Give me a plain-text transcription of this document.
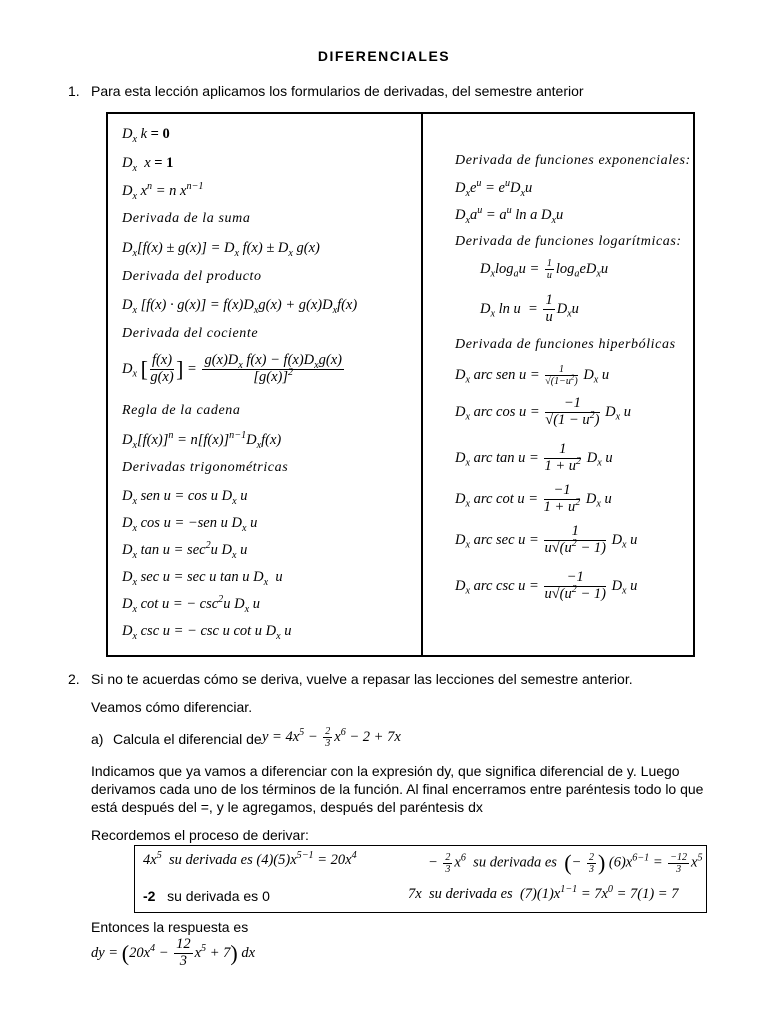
DIFERENCIALES
1. Para esta lección aplicamos los formularios de derivadas, del semestre anterior
$D_x$ k = 0
$D_x$  x = 1
$D_x$ $x^n = n$ $x^{n-1}$
Derivada de la suma
$D_x[f(x) \pm g(x)] = D_x$ $f(x) \pm D_x$ g(x)
Derivada del producto
$D_x$ $[f(x) \cdot g(x)] = f(x)D_xg(x) + g(x)D_xf(x)$
Derivada del cociente
$D_x$ [ $\frac{f(x)}{g(x)}$ ] = $\frac{g(x)D_x f(x) - f(x)D_xg(x)}{[g(x)]^2}$
Regla de la cadena
$D_x[f(x)]^n = n[f(x)]^{n-1}D_xf(x)$
Derivadas trigonométricas
$D_x$ sen u = cos u $D_x$ u
$D_x$ cos u = −sen u $D_x$ u
$D_x$ $\tan u = \sec^2u$ $D_x$ u
$D_x$ sec u = sec u tan u $D_x$  u
$D_x$ cot u = − $\csc^2u$ $D_x$ u
$D_x$ csc u = − csc u cot u $D_x$ u
Derivada de funciones exponenciales:
$D_xe^u = e^uD_xu$
$D_xa^u = a^u$ ln a $D_xu$
Derivada de funciones logarítmicas:
$D_x\log_au = \frac{1}{u} \log_aeD_xu$
$D_x$ $\ln u = \frac{1}{u} D_xu$
Derivada de funciones hiperbólicas
$D_x$ arc sen $u = \frac{1}{√(1-u^2)} D_x$ u
$D_x$ arc $\cos u = \frac{-1}{√(1 - u^2)} D_x$ u
$D_x$ arc $\tan u = \frac{1}{1 + u^2} D_x$ u
$D_x$ arc $\cot u = \frac{-1}{1 + u^2} D_x$ u
$D_x$ arc $\sec u = \frac{1}{u√(u^2 - 1)} D_x$ u
$D_x$ arc $\csc u = \frac{-1}{u√(u^2 - 1)} D_x$ u
2. Si no te acuerdas cómo se deriva, vuelve a repasar las lecciones del semestre anterior.
Veamos cómo diferenciar.
a) Calcula el diferencial de $y = 4x^5 - \frac{2}{3} x^6 - 2 + 7x$
Indicamos que ya vamos a diferenciar con la expresión dy, que significa diferencial de y. Luego
derivamos cada uno de los términos de la función. Al final encerramos entre paréntesis todo lo que
está después del =, y le agregamos, después del paréntesis dx
Recordemos el proceso de derivar:
$4x^5$ su derivada es $(4)(5)x^{5-1} = 20x^4$	− $\frac{2}{3} x^6$ su derivada es (− $\frac{2}{3}$ ) $(6)x^{6-1} = \frac{-12}{3} x^5$
-2 su derivada es 0	7x  su derivada es  $(7)(1)x^{1-1} = 7x^0 = 7(1) = 7$
Entonces la respuesta es
dy = $(20x^4 - \frac{12}{3} x^5 + 7)$ dx
